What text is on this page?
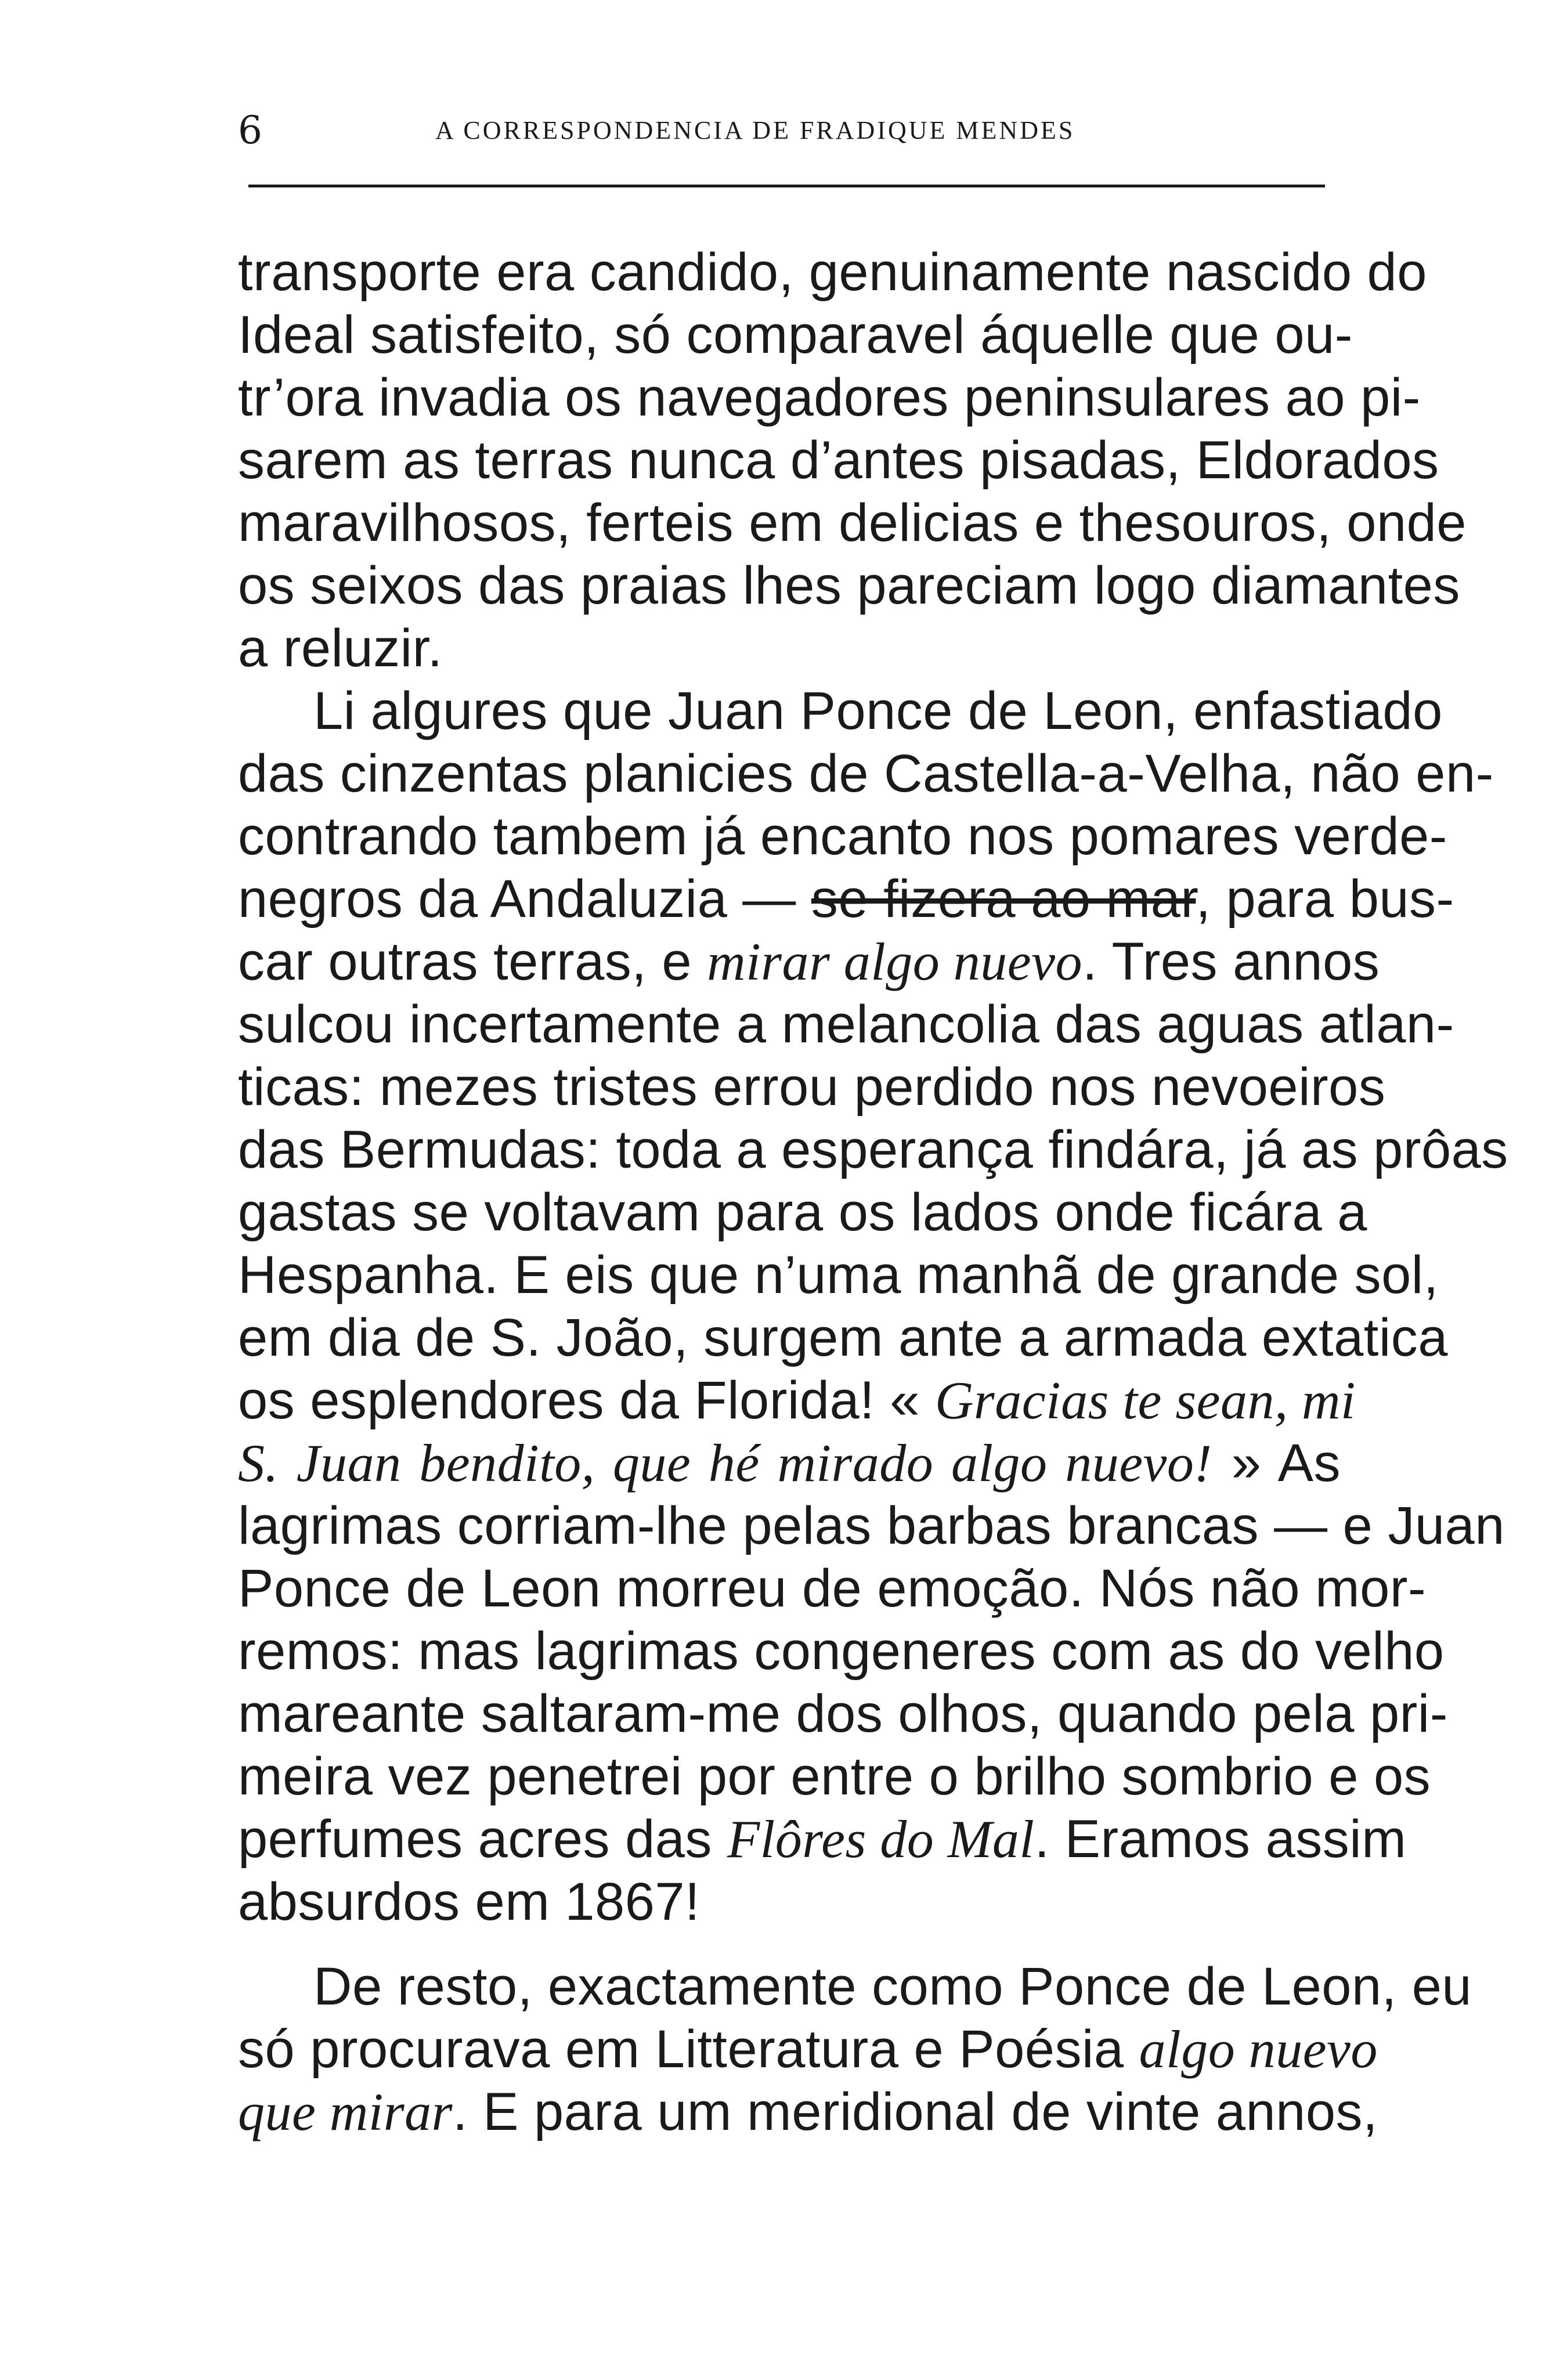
6	A CORRESPONDENCIA DE FRADIQUE MENDES
transporte era candido, genuinamente nascido do
Ideal satisfeito, só comparavel áquelle que ou-
tr’ora invadia os navegadores peninsulares ao pi-
sarem as terras nunca d’antes pisadas, Eldorados
maravilhosos, ferteis em delicias e thesouros, onde
os seixos das praias lhes pareciam logo diamantes
a reluzir.
Li algures que Juan Ponce de Leon, enfastiado
das cinzentas planicies de Castella-a-Velha, não en-
contrando tambem já encanto nos pomares verde-
negros da Andaluzia — se fizera ao mar, para bus-
car outras terras, e mirar algo nuevo. Tres annos
sulcou incertamente a melancolia das aguas atlan-
ticas: mezes tristes errou perdido nos nevoeiros
das Bermudas: toda a esperança findára, já as prôas
gastas se voltavam para os lados onde ficára a
Hespanha. E eis que n’uma manhã de grande sol,
em dia de S. João, surgem ante a armada extatica
os esplendores da Florida! « Gracias te sean, mi
S. Juan bendito, que hé mirado algo nuevo! » As
lagrimas corriam-lhe pelas barbas brancas — e Juan
Ponce de Leon morreu de emoção. Nós não mor-
remos: mas lagrimas congeneres com as do velho
mareante saltaram-me dos olhos, quando pela pri-
meira vez penetrei por entre o brilho sombrio e os
perfumes acres das Flôres do Mal. Eramos assim
absurdos em 1867!
De resto, exactamente como Ponce de Leon, eu
só procurava em Litteratura e Poésia algo nuevo
que mirar. E para um meridional de vinte annos,
